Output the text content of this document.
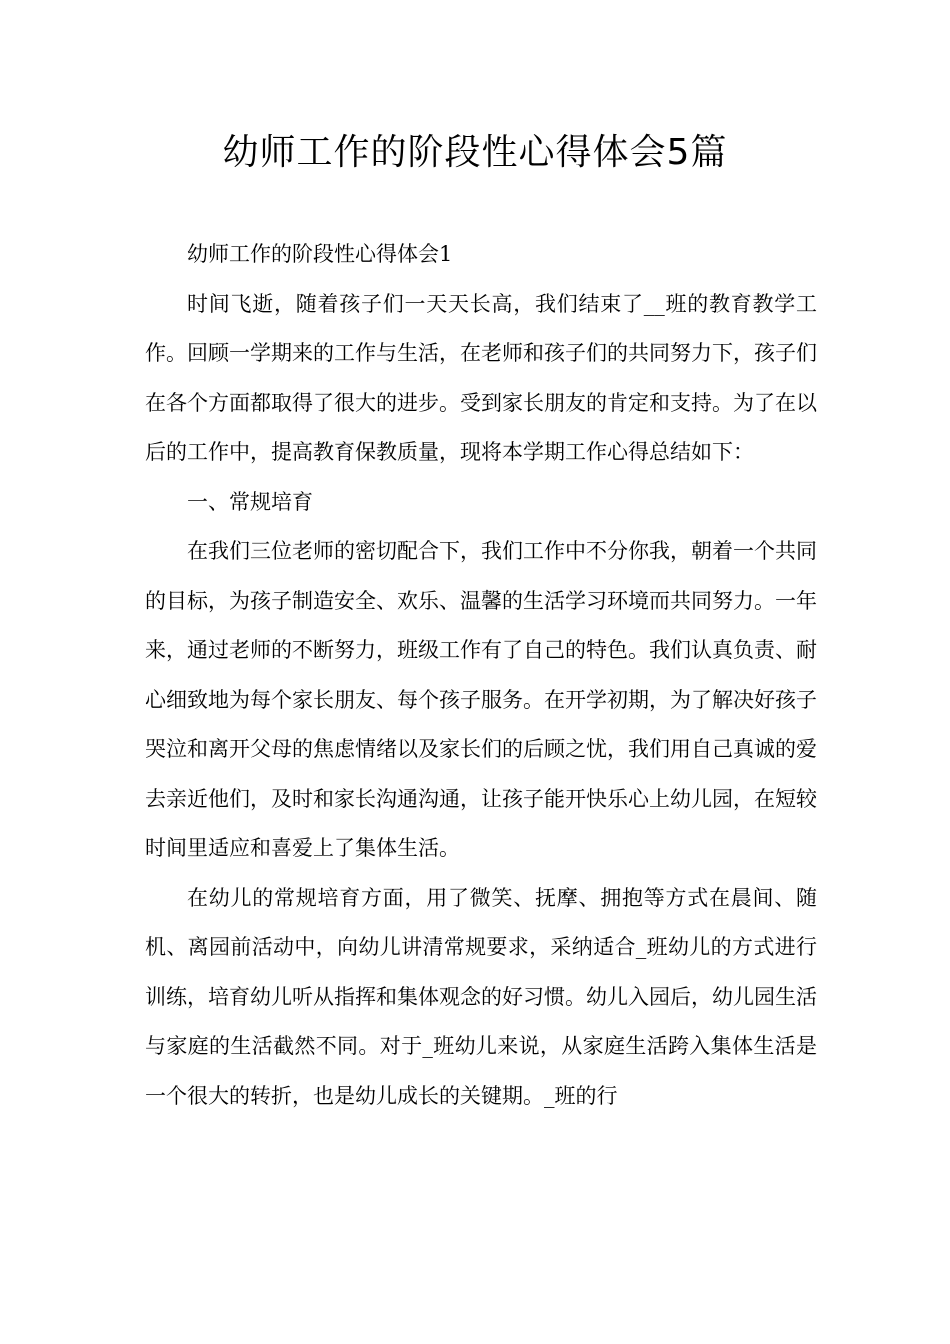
幼师工作的阶段性心得体会5篇

幼师工作的阶段性心得体会1

时间飞逝，随着孩子们一天天长高，我们结束了__班的教育教学工作。回顾一学期来的工作与生活，在老师和孩子们的共同努力下，孩子们在各个方面都取得了很大的进步。受到家长朋友的肯定和支持。为了在以后的工作中，提高教育保教质量，现将本学期工作心得总结如下：

一、常规培育

在我们三位老师的密切配合下，我们工作中不分你我，朝着一个共同的目标，为孩子制造安全、欢乐、温馨的生活学习环境而共同努力。一年来，通过老师的不断努力，班级工作有了自己的特色。我们认真负责、耐心细致地为每个家长朋友、每个孩子服务。在开学初期，为了解决好孩子哭泣和离开父母的焦虑情绪以及家长们的后顾之忧，我们用自己真诚的爱去亲近他们，及时和家长沟通沟通，让孩子能开快乐心上幼儿园，在短较时间里适应和喜爱上了集体生活。

在幼儿的常规培育方面，用了微笑、抚摩、拥抱等方式在晨间、随机、离园前活动中，向幼儿讲清常规要求，采纳适合_班幼儿的方式进行训练，培育幼儿听从指挥和集体观念的好习惯。幼儿入园后，幼儿园生活与家庭的生活截然不同。对于_班幼儿来说，从家庭生活跨入集体生活是一个很大的转折，也是幼儿成长的关键期。_班的行
